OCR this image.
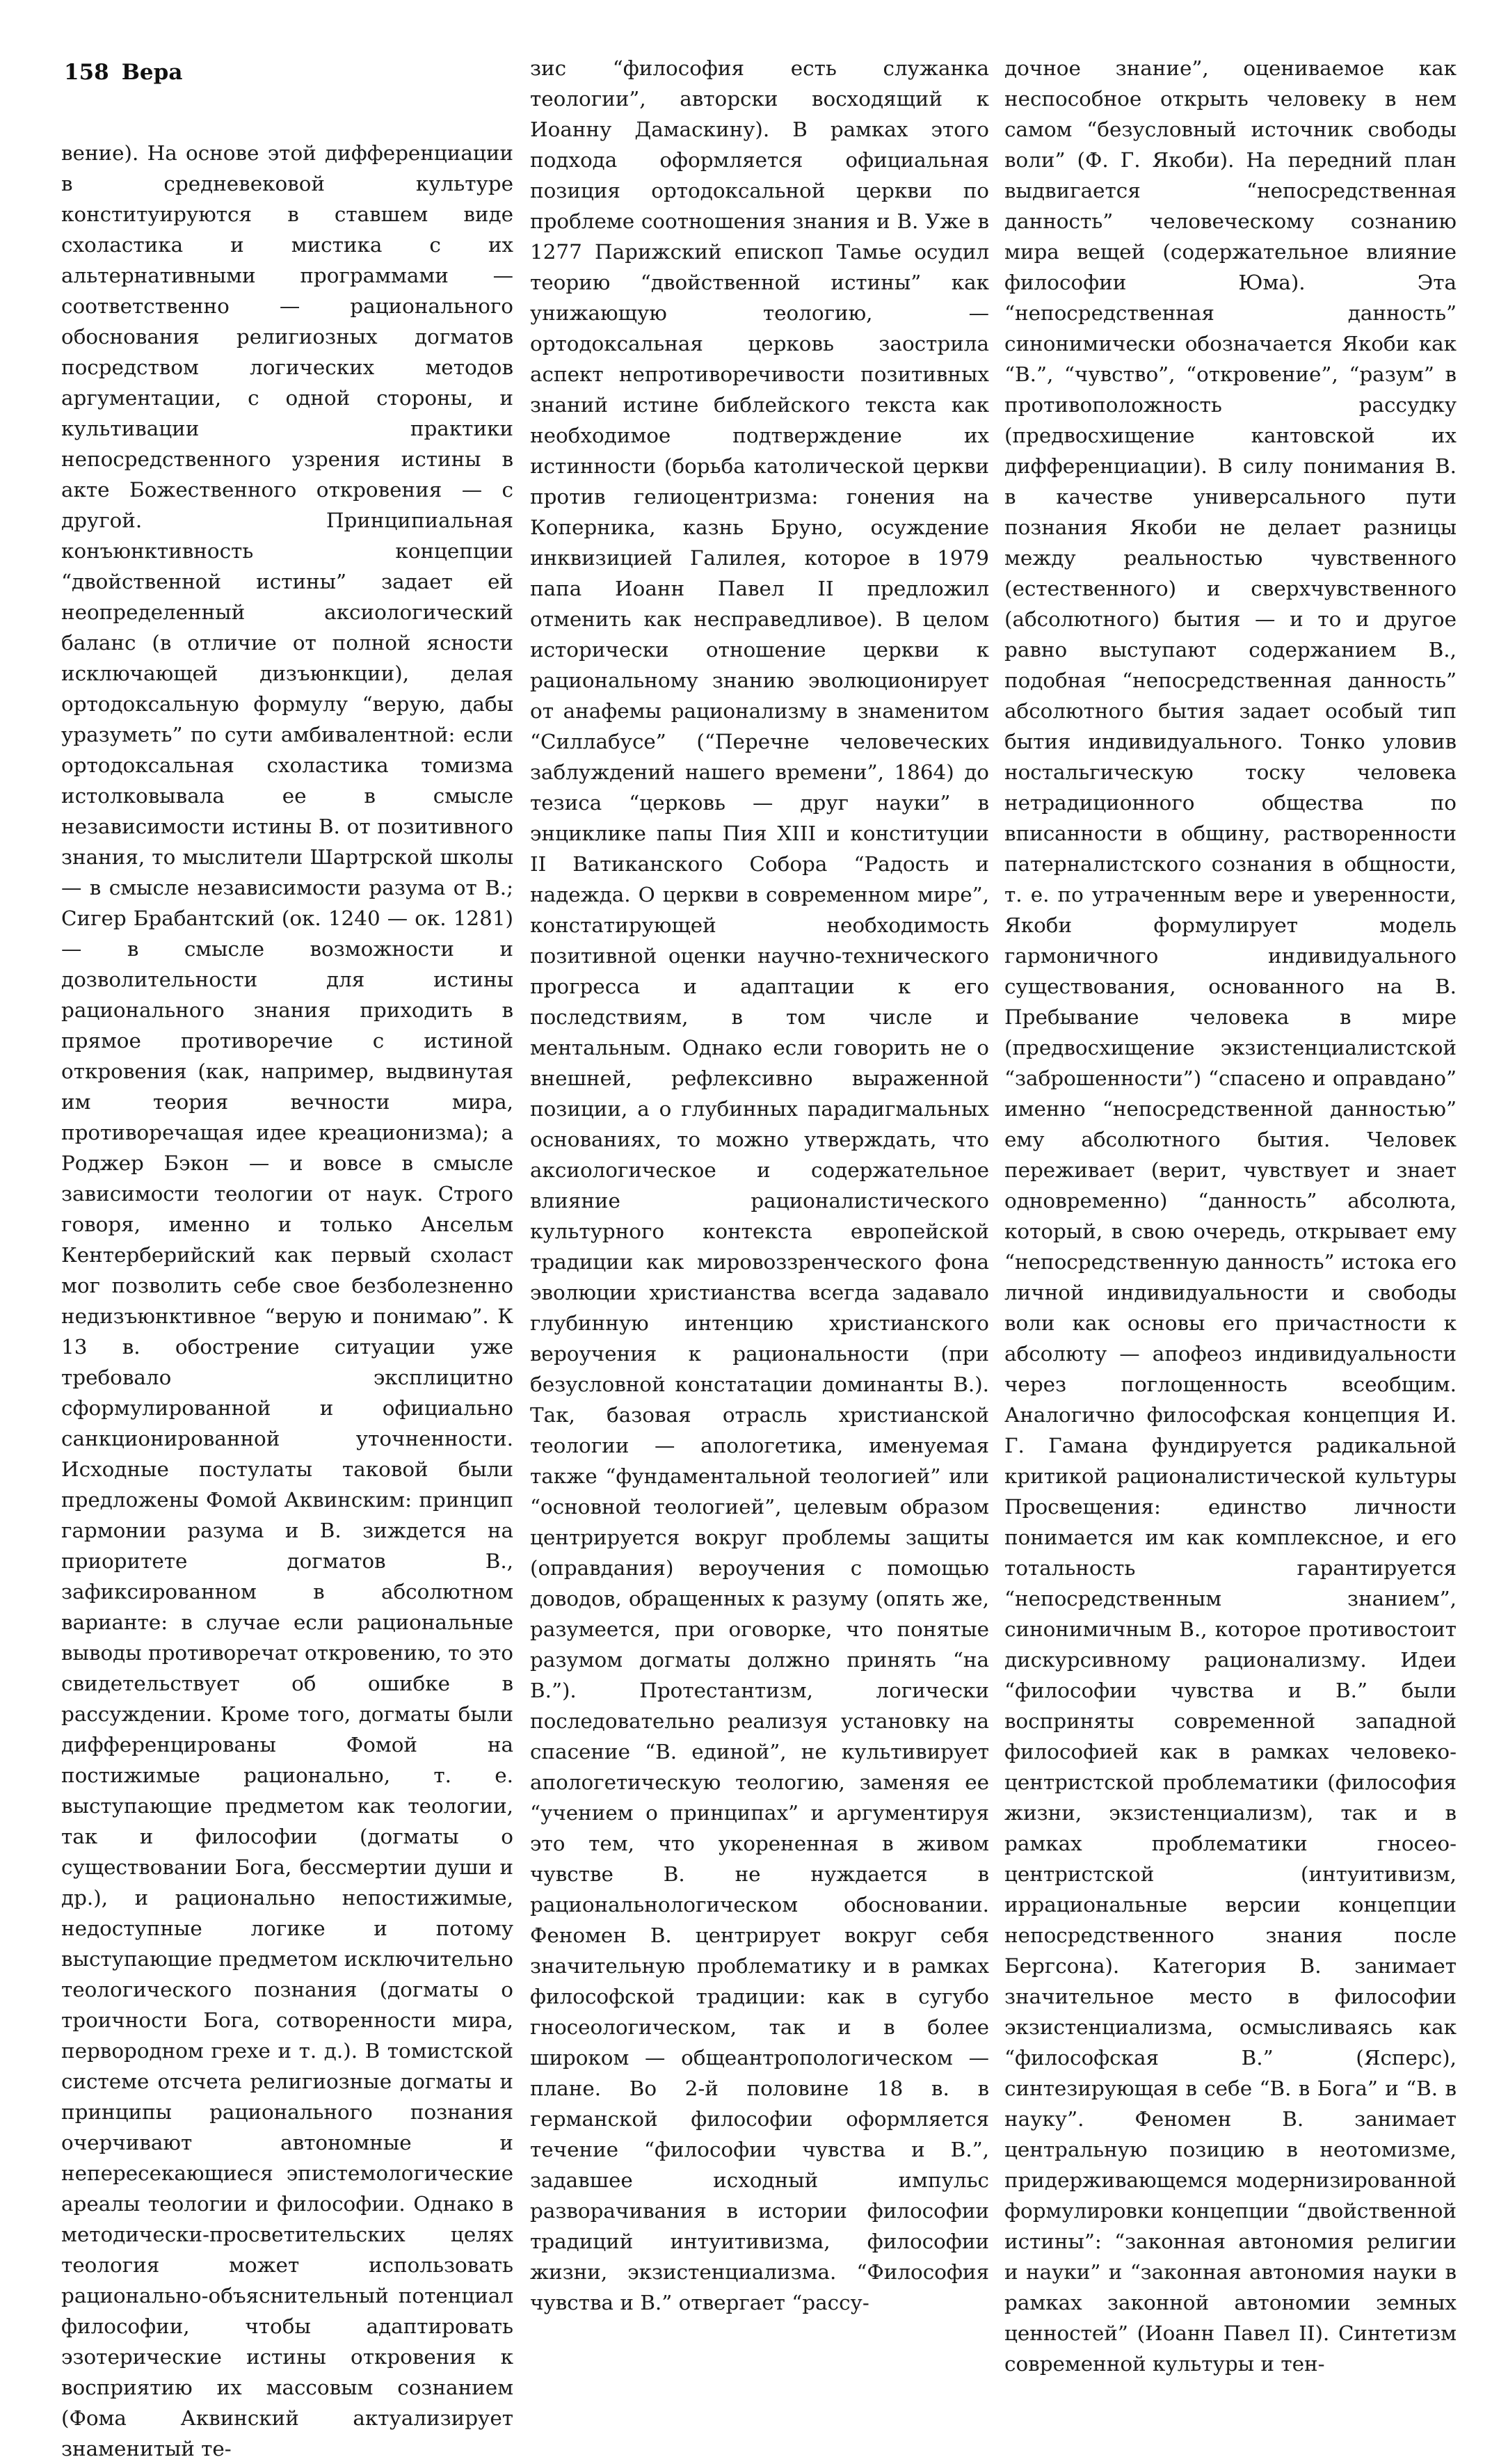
158 Вера

вение). На основе этой дифференциации в средневековой культуре конституируются в ставшем виде схоластика и мистика с их альтернативными программами — соответственно — рационального обоснования религиозных догматов посредством логических методов аргументации, с одной стороны, и культивации практики непосредственного узрения истины в акте Божественного откровения — с другой. Принципиальная конъюнктивность концепции “двойственной истины” задает ей неопределенный аксиологический баланс (в отличие от полной ясности исключающей дизъюнкции), делая ортодоксальную формулу “верую, дабы уразуметь” по сути амбивалентной: если ортодоксальная схоластика томизма истолковывала ее в смысле независимости истины В. от позитивного знания, то мыслители Шартрской школы — в смысле независимости разума от В.; Сигер Брабантский (ок. 1240 — ок. 1281) — в смысле возможности и дозволительности для истины рационального знания приходить в прямое противоречие с истиной откровения (как, например, выдвинутая им теория вечности мира, противоречащая идее креационизма); а Роджер Бэкон — и вовсе в смысле зависимости теологии от наук. Строго говоря, именно и только Ансельм Кентерберийский как первый схоласт мог позволить себе свое безболезненно недизъюнктивное “верую и понимаю”. К 13 в. обострение ситуации уже требовало эксплицитно сформулированной и официально санкционированной уточненности. Исходные постулаты таковой были предложены Фомой Аквинским: принцип гармонии разума и В. зиждется на приоритете догматов В., зафиксированном в абсолютном варианте: в случае если рациональные выводы противоречат откровению, то это свидетельствует об ошибке в рассуждении. Кроме того, догматы были дифференцированы Фомой на постижимые рационально, т. е. выступающие предметом как теологии, так и философии (догматы о существовании Бога, бессмертии души и др.), и рационально непостижимые, недоступные логике и потому выступающие предметом исключительно теологического познания (догматы о троичности Бога, сотворенности мира, первородном грехе и т. д.). В томистской системе отсчета религиозные догматы и принципы рационального познания очерчивают автономные и непересекающиеся эпистемологические ареалы теологии и философии. Однако в методически-просветительских целях теология может использовать рационально-объяснительный потенциал философии, чтобы адаптировать эзотерические истины откровения к восприятию их массовым сознанием (Фома Аквинский актуализирует знаменитый те-

зис “философия есть служанка теологии”, авторски восходящий к Иоанну Дамаскину). В рамках этого подхода оформляется официальная позиция ортодоксальной церкви по проблеме соотношения знания и В. Уже в 1277 Парижский епископ Тамье осудил теорию “двойственной истины” как унижающую теологию, — ортодоксальная церковь заострила аспект непротиворечивости позитивных знаний истине библейского текста как необходимое подтверждение их истинности (борьба католической церкви против гелиоцентризма: гонения на Коперника, казнь Бруно, осуждение инквизицией Галилея, которое в 1979 папа Иоанн Павел II предложил отменить как несправедливое). В целом исторически отношение церкви к рациональному знанию эволюционирует от анафемы рационализму в знаменитом “Силлабусе” (“Перечне человеческих заблуждений нашего времени”, 1864) до тезиса “церковь — друг науки” в энциклике папы Пия XIII и конституции II Ватиканского Собора “Радость и надежда. О церкви в современном мире”, констатирующей необходимость позитивной оценки научно-технического прогресса и адаптации к его последствиям, в том числе и ментальным. Однако если говорить не о внешней, рефлексивно выраженной позиции, а о глубинных парадигмальных основаниях, то можно утверждать, что аксиологическое и содержательное влияние рационалистического культурного контекста европейской традиции как мировоззренческого фона эволюции христианства всегда задавало глубинную интенцию христианского вероучения к рациональности (при безусловной констатации доминанты В.). Так, базовая отрасль христианской теологии — апологетика, именуемая также “фундаментальной теологией” или “основной теологией”, целевым образом центрируется вокруг проблемы защиты (оправдания) вероучения с помощью доводов, обращенных к разуму (опять же, разумеется, при оговорке, что понятые разумом догматы должно принять “на В.”). Протестантизм, логически последовательно реализуя установку на спасение “В. единой”, не культивирует апологетическую теологию, заменяя ее “учением о принципах” и аргументируя это тем, что укорененная в живом чувстве В. не нуждается в рациональнологическом обосновании. Феномен В. центрирует вокруг себя значительную проблематику и в рамках философской традиции: как в сугубо гносеологическом, так и в более широком — общеантропологическом — плане. Во 2-й половине 18 в. в германской философии оформляется течение “философии чувства и В.”, задавшее исходный импульс разворачивания в истории философии традиций интуитивизма, философии жизни, экзистенциализма. “Философия чувства и В.” отвергает “рассу-

дочное знание”, оцениваемое как неспособное открыть человеку в нем самом “безусловный источник свободы воли” (Ф. Г. Якоби). На передний план выдвигается “непосредственная данность” человеческому сознанию мира вещей (содержательное влияние философии Юма). Эта “непосредственная данность” синонимически обозначается Якоби как “В.”, “чувство”, “откровение”, “разум” в противоположность рассудку (предвосхищение кантовской их дифференциации). В силу понимания В. в качестве универсального пути познания Якоби не делает разницы между реальностью чувственного (естественного) и сверхчувственного (абсолютного) бытия — и то и другое равно выступают содержанием В., подобная “непосредственная данность” абсолютного бытия задает особый тип бытия индивидуального. Тонко уловив ностальгическую тоску человека нетрадиционного общества по вписанности в общину, растворенности патерналистского сознания в общности, т. е. по утраченным вере и уверенности, Якоби формулирует модель гармоничного индивидуального существования, основанного на В. Пребывание человека в мире (предвосхищение экзистенциалистской “заброшенности”) “спасено и оправдано” именно “непосредственной данностью” ему абсолютного бытия. Человек переживает (верит, чувствует и знает одновременно) “данность” абсолюта, который, в свою очередь, открывает ему “непосредственную данность” истока его личной индивидуальности и свободы воли как основы его причастности к абсолюту — апофеоз индивидуальности через поглощенность всеобщим. Аналогично философская концепция И. Г. Гамана фундируется радикальной критикой рационалистической культуры Просвещения: единство личности понимается им как комплексное, и его тотальность гарантируется “непосредственным знанием”, синонимичным В., которое противостоит дискурсивному рационализму. Идеи “философии чувства и В.” были восприняты современной западной философией как в рамках человеко-центристской проблематики (философия жизни, экзистенциализм), так и в рамках проблематики гносео-центристской (интуитивизм, иррациональные версии концепции непосредственного знания после Бергсона). Категория В. занимает значительное место в философии экзистенциализма, осмысливаясь как “философская В.” (Ясперс), синтезирующая в себе “В. в Бога” и “В. в науку”. Феномен В. занимает центральную позицию в неотомизме, придерживающемся модернизированной формулировки концепции “двойственной истины”: “законная автономия религии и науки” и “законная автономия науки в рамках законной автономии земных ценностей” (Иоанн Павел II). Синтетизм современной культуры и тен-
